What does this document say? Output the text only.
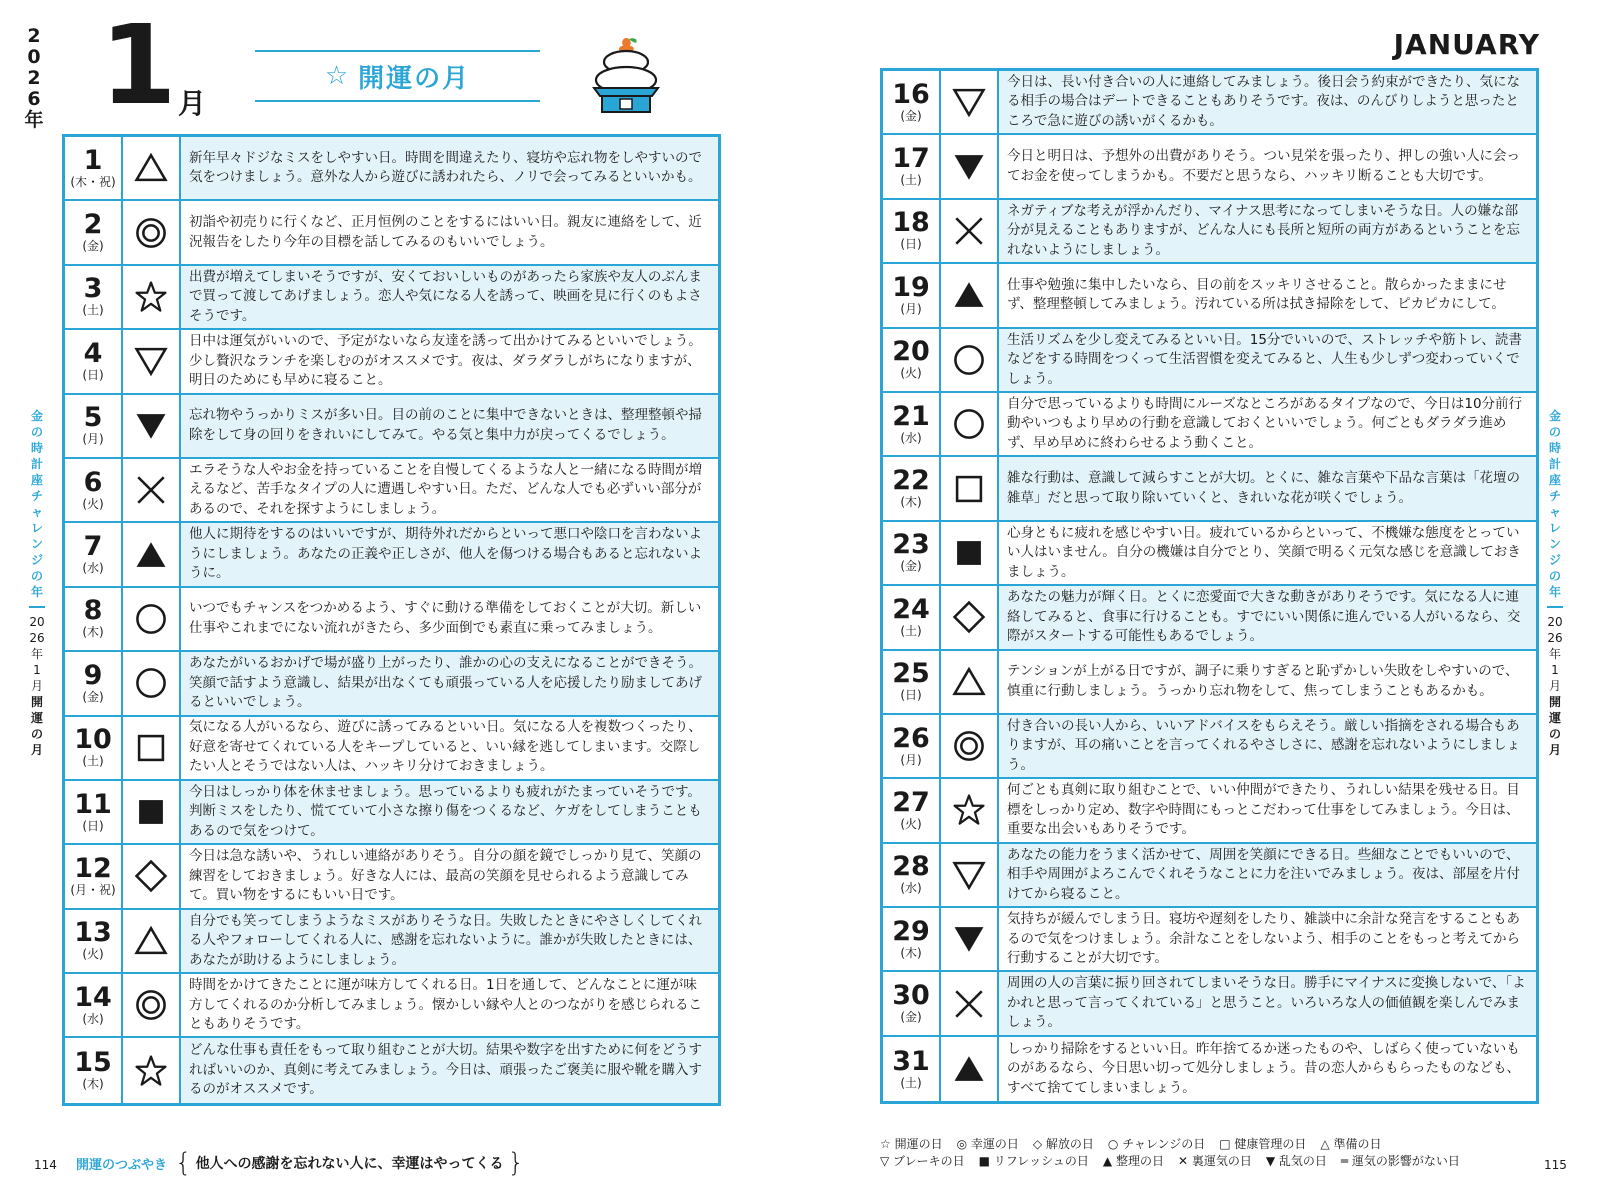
2026年 1 月
☆ 開運の月
JANUARY
金の時計座 チャレンジの年
2026年1月
開運の月
金の時計座 チャレンジの年
2026年1月
開運の月
1
(木・祝)
新年早々ドジなミスをしやすい日。時間を間違えたり、寝坊や忘れ物をしやすいので気をつけましょう。意外な人から遊びに誘われたら、ノリで会ってみるといいかも。
2
(金)
初詣や初売りに行くなど、正月恒例のことをするにはいい日。親友に連絡をして、近況報告をしたり今年の目標を話してみるのもいいでしょう。
3
(土)
出費が増えてしまいそうですが、安くておいしいものがあったら家族や友人のぶんまで買って渡してあげましょう。恋人や気になる人を誘って、映画を見に行くのもよさそうです。
4
(日)
日中は運気がいいので、予定がないなら友達を誘って出かけてみるといいでしょう。少し贅沢なランチを楽しむのがオススメです。夜は、ダラダラしがちになりますが、明日のためにも早めに寝ること。
5
(月)
忘れ物やうっかりミスが多い日。目の前のことに集中できないときは、整理整頓や掃除をして身の回りをきれいにしてみて。やる気と集中力が戻ってくるでしょう。
6
(火)
エラそうな人やお金を持っていることを自慢してくるような人と一緒になる時間が増えるなど、苦手なタイプの人に遭遇しやすい日。ただ、どんな人でも必ずいい部分があるので、それを探すようにしましょう。
7
(水)
他人に期待をするのはいいですが、期待外れだからといって悪口や陰口を言わないようにしましょう。あなたの正義や正しさが、他人を傷つける場合もあると忘れないように。
8
(木)
いつでもチャンスをつかめるよう、すぐに動ける準備をしておくことが大切。新しい仕事やこれまでにない流れがきたら、多少面倒でも素直に乗ってみましょう。
9
(金)
あなたがいるおかげで場が盛り上がったり、誰かの心の支えになることができそう。笑顔で話すよう意識し、結果が出なくても頑張っている人を応援したり励ましてあげるといいでしょう。
10
(土)
気になる人がいるなら、遊びに誘ってみるといい日。気になる人を複数つくったり、好意を寄せてくれている人をキープしていると、いい縁を逃してしまいます。交際したい人とそうではない人は、ハッキリ分けておきましょう。
11
(日)
今日はしっかり体を休ませましょう。思っているよりも疲れがたまっていそうです。判断ミスをしたり、慌てていて小さな擦り傷をつくるなど、ケガをしてしまうこともあるので気をつけて。
12
(月・祝)
今日は急な誘いや、うれしい連絡がありそう。自分の顔を鏡でしっかり見て、笑顔の練習をしておきましょう。好きな人には、最高の笑顔を見せられるよう意識してみて。買い物をするにもいい日です。
13
(火)
自分でも笑ってしまうようなミスがありそうな日。失敗したときにやさしくしてくれる人やフォローしてくれる人に、感謝を忘れないように。誰かが失敗したときには、あなたが助けるようにしましょう。
14
(水)
時間をかけてきたことに運が味方してくれる日。1日を通して、どんなことに運が味方してくれるのか分析してみましょう。懐かしい縁や人とのつながりを感じられることもありそうです。
15
(木)
どんな仕事も責任をもって取り組むことが大切。結果や数字を出すために何をどうすればいいのか、真剣に考えてみましょう。今日は、頑張ったご褒美に服や靴を購入するのがオススメです。
16
(金)
今日は、長い付き合いの人に連絡してみましょう。後日会う約束ができたり、気になる相手の場合はデートできることもありそうです。夜は、のんびりしようと思ったところで急に遊びの誘いがくるかも。
17
(土)
今日と明日は、予想外の出費がありそう。つい見栄を張ったり、押しの強い人に会ってお金を使ってしまうかも。不要だと思うなら、ハッキリ断ることも大切です。
18
(日)
ネガティブな考えが浮かんだり、マイナス思考になってしまいそうな日。人の嫌な部分が見えることもありますが、どんな人にも長所と短所の両方があるということを忘れないようにしましょう。
19
(月)
仕事や勉強に集中したいなら、目の前をスッキリさせること。散らかったままにせず、整理整頓してみましょう。汚れている所は拭き掃除をして、ピカピカにして。
20
(火)
生活リズムを少し変えてみるといい日。15分でいいので、ストレッチや筋トレ、読書などをする時間をつくって生活習慣を変えてみると、人生も少しずつ変わっていくでしょう。
21
(水)
自分で思っているよりも時間にルーズなところがあるタイプなので、今日は10分前行動やいつもより早めの行動を意識しておくといいでしょう。何ごともダラダラ進めず、早め早めに終わらせるよう動くこと。
22
(木)
雑な行動は、意識して減らすことが大切。とくに、雑な言葉や下品な言葉は「花壇の雑草」だと思って取り除いていくと、きれいな花が咲くでしょう。
23
(金)
心身ともに疲れを感じやすい日。疲れているからといって、不機嫌な態度をとっていい人はいません。自分の機嫌は自分でとり、笑顔で明るく元気な感じを意識しておきましょう。
24
(土)
あなたの魅力が輝く日。とくに恋愛面で大きな動きがありそうです。気になる人に連絡してみると、食事に行けることも。すでにいい関係に進んでいる人がいるなら、交際がスタートする可能性もあるでしょう。
25
(日)
テンションが上がる日ですが、調子に乗りすぎると恥ずかしい失敗をしやすいので、慎重に行動しましょう。うっかり忘れ物をして、焦ってしまうこともあるかも。
26
(月)
付き合いの長い人から、いいアドバイスをもらえそう。厳しい指摘をされる場合もありますが、耳の痛いことを言ってくれるやさしさに、感謝を忘れないようにしましょう。
27
(火)
何ごとも真剣に取り組むことで、いい仲間ができたり、うれしい結果を残せる日。目標をしっかり定め、数字や時間にもっとこだわって仕事をしてみましょう。今日は、重要な出会いもありそうです。
28
(水)
あなたの能力をうまく活かせて、周囲を笑顔にできる日。些細なことでもいいので、相手や周囲がよろこんでくれそうなことに力を注いでみましょう。夜は、部屋を片付けてから寝ること。
29
(木)
気持ちが緩んでしまう日。寝坊や遅刻をしたり、雑談中に余計な発言をすることもあるので気をつけましょう。余計なことをしないよう、相手のことをもっと考えてから行動することが大切です。
30
(金)
周囲の人の言葉に振り回されてしまいそうな日。勝手にマイナスに変換しないで、「よかれと思って言ってくれている」と思うこと。いろいろな人の価値観を楽しんでみましょう。
31
(土)
しっかり掃除をするといい日。昨年捨てるか迷ったものや、しばらく使っていないものがあるなら、今日思い切って処分しましょう。昔の恋人からもらったものなども、すべて捨ててしまいましょう。
114	115
開運のつぶやき { 他人への感謝を忘れない人に、幸運はやってくる }
☆ 開運の日 ◎ 幸運の日 ◇ 解放の日 ○ チャレンジの日 □ 健康管理の日 △ 準備の日
▽ ブレーキの日 ■ リフレッシュの日 ▲ 整理の日 ✕ 裏運気の日 ▼ 乱気の日 ═ 運気の影響がない日
